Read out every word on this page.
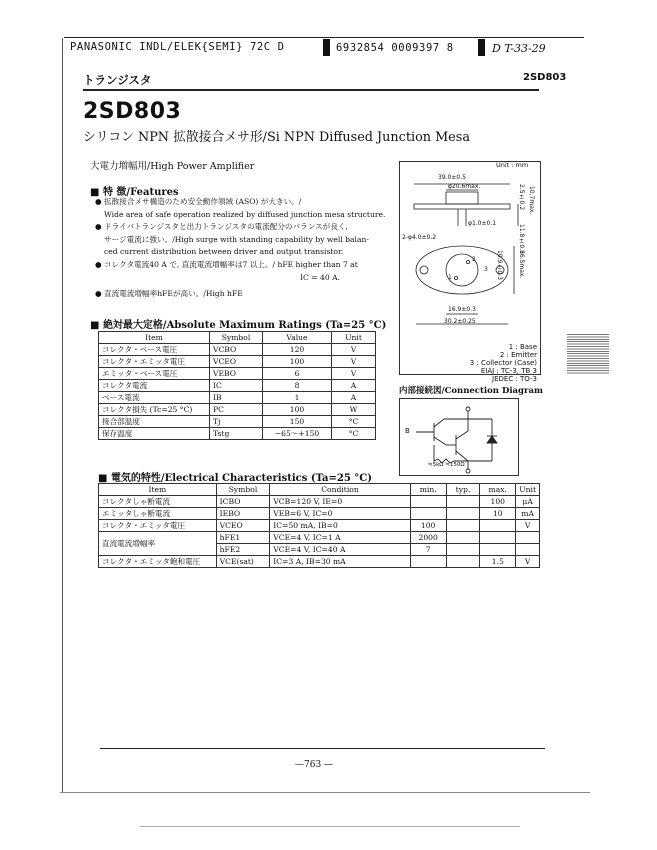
PANASONIC INDL/ELEK{SEMI} 72C D	6932854 0009397 8	D T-33-29
トランジスタ	2SD803
2SD803
シリコン NPN 拡散接合メサ形/Si NPN Diffused Junction Mesa
大電力増幅用/High Power Amplifier
■ 特 徴/Features
● 拡散接合メサ構造のため安全動作領域 (ASO) が大きい。/
Wide area of safe operation realized by diffused junction mesa structure.
● ドライバトランジスタと出力トランジスタの電流配分のバランスが良く,
サージ電流に強い。/High surge with standing capability by well balan-
ced current distribution between driver and output transistor.
● コレクタ電流40 A で, 直流電流増幅率は7 以上。/ hFE higher than 7 at
IC = 40 A.
● 直流電流増幅率hFEが高い。/High hFE
■ 絶対最大定格/Absolute Maximum Ratings (Ta=25 °C)
Item	Symbol	Value	Unit
コレクタ・ベース電圧	VCBO	120	V
コレクタ・エミッタ電圧	VCEO	100	V
エミッタ・ベース電圧	VEBO	6	V
コレクタ電流	IC	8	A
ベース電流	IB	1	A
コレクタ損失 (Tc=25 °C)	PC	100	W
接合部温度	Tj	150	°C
保存温度	Tstg	−65〜+150	°C
Unit : mm
39.0±0.5
φ20.6max.	2.5±0.2 10.7max.
11.8±0.5
φ1.0±0.1
2-φ4.0±0.2
10.9±0.3	26.5max.
16.9±0.3
30.2±0.25
1
2
3
1 : Base
2 : Emitter
3 : Collector (Case)
EIAJ : TC-3, TB 3
JEDEC : TO-3
内部接続図/Connection Diagram
B
≒5kΩ ≒150Ω
■ 電気的特性/Electrical Characteristics (Ta=25 °C)
Item	Symbol	Condition	min.	typ.	max.	Unit
コレクタしゃ断電流	ICBO	VCB=120 V, IE=0			100	μA
エミッタしゃ断電流	IEBO	VEB=6 V, IC=0			10	mA
コレクタ・エミッタ電圧	VCEO	IC=50 mA, IB=0	100			V
直流電流増幅率	hFE1	VCE=4 V, IC=1 A	2000			
	hFE2	VCE=4 V, IC=40 A	7			
コレクタ・エミッタ飽和電圧	VCE(sat)	IC=3 A, IB=30 mA			1.5	V
—763 —
